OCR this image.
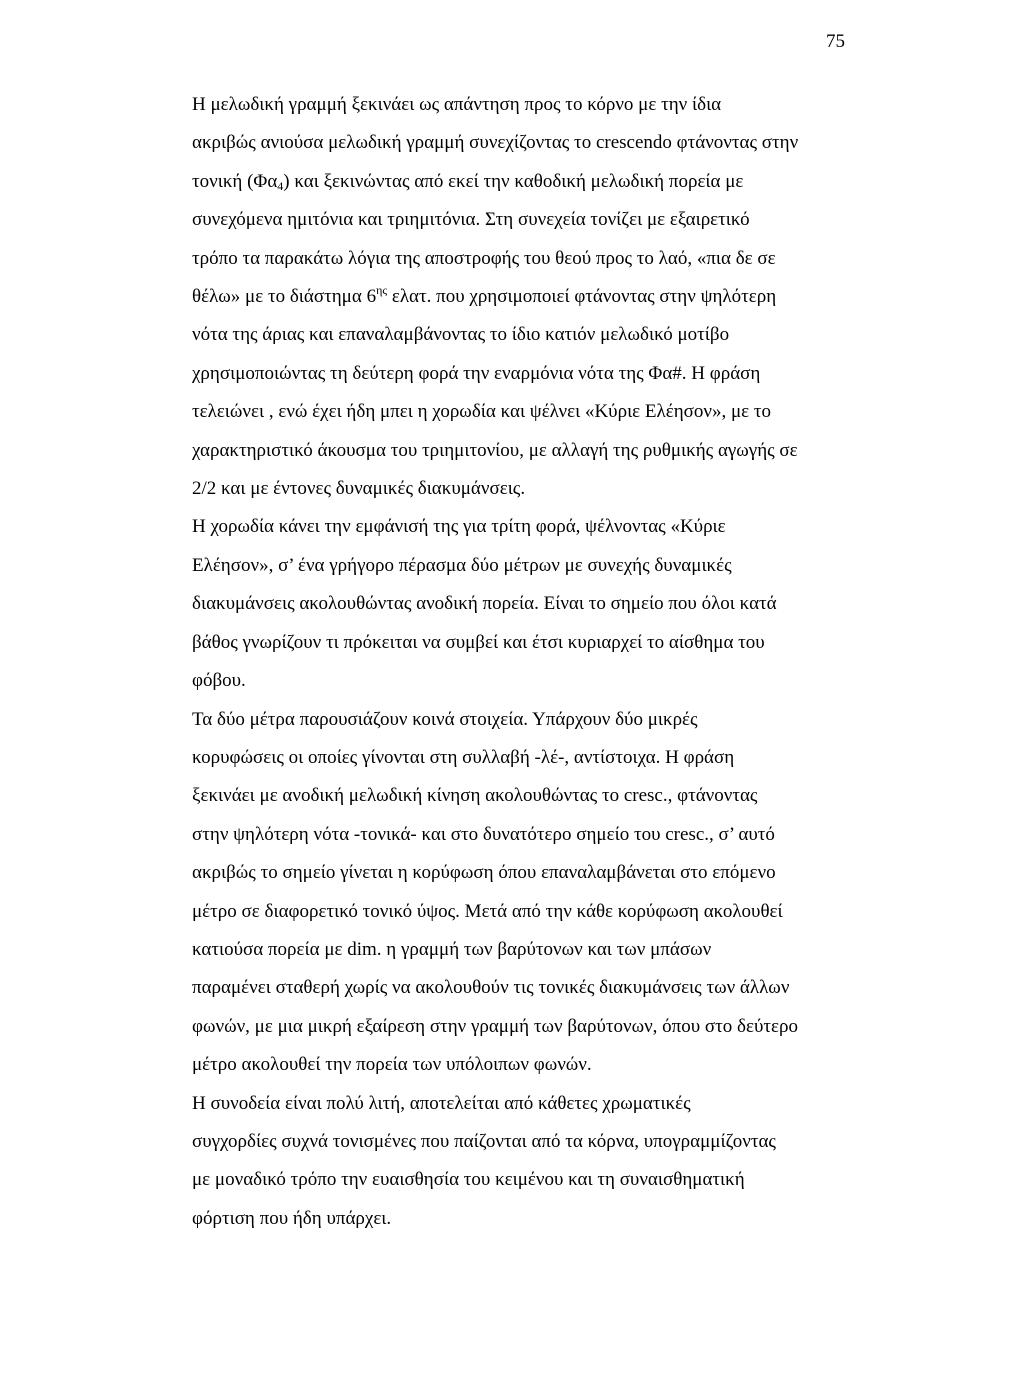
75

Η μελωδική γραμμή ξεκινάει ως απάντηση προς το κόρνο με την ίδια
ακριβώς ανιούσα μελωδική γραμμή συνεχίζοντας το crescendo φτάνοντας στην
τονική $(\Phi\alpha_4)$ και ξεκινώντας από εκεί την καθοδική μελωδική πορεία με
συνεχόμενα ημιτόνια και τριημιτόνια. Στη συνεχεία τονίζει με εξαιρετικό
τρόπο τα παρακάτω λόγια της αποστροφής του θεού προς το λαό, «πια δε σε
θέλω» με το διάστημα $6^{\eta\varsigma}$ ελατ. που χρησιμοποιεί φτάνοντας στην ψηλότερη
νότα της άριας και επαναλαμβάνοντας το ίδιο κατιόν μελωδικό μοτίβο
χρησιμοποιώντας τη δεύτερη φορά την εναρμόνια νότα της Φα#. Η φράση
τελειώνει , ενώ έχει ήδη μπει η χορωδία και ψέλνει «Κύριε Ελέησον», με το
χαρακτηριστικό άκουσμα του τριημιτονίου, με αλλαγή της ρυθμικής αγωγής σε
2/2 και με έντονες δυναμικές διακυμάνσεις.

Η χορωδία κάνει την εμφάνισή της για τρίτη φορά, ψέλνοντας «Κύριε
Ελέησον», σ’ ένα γρήγορο πέρασμα δύο μέτρων με συνεχής δυναμικές
διακυμάνσεις ακολουθώντας ανοδική πορεία. Είναι το σημείο που όλοι κατά
βάθος γνωρίζουν τι πρόκειται να συμβεί και έτσι κυριαρχεί το αίσθημα του
φόβου.

Τα δύο μέτρα παρουσιάζουν κοινά στοιχεία. Υπάρχουν δύο μικρές
κορυφώσεις οι οποίες γίνονται στη συλλαβή -λέ-, αντίστοιχα. Η φράση
ξεκινάει με ανοδική μελωδική κίνηση ακολουθώντας το cresc., φτάνοντας
στην ψηλότερη νότα -τονικά- και στο δυνατότερο σημείο του cresc., σ’ αυτό
ακριβώς το σημείο γίνεται η κορύφωση όπου επαναλαμβάνεται στο επόμενο
μέτρο σε διαφορετικό τονικό ύψος. Μετά από την κάθε κορύφωση ακολουθεί
κατιούσα πορεία με dim. η γραμμή των βαρύτονων και των μπάσων
παραμένει σταθερή χωρίς να ακολουθούν τις τονικές διακυμάνσεις των άλλων
φωνών, με μια μικρή εξαίρεση στην γραμμή των βαρύτονων, όπου στο δεύτερο
μέτρο ακολουθεί την πορεία των υπόλοιπων φωνών.

Η συνοδεία είναι πολύ λιτή, αποτελείται από κάθετες χρωματικές
συγχορδίες συχνά τονισμένες που παίζονται από τα κόρνα, υπογραμμίζοντας
με μοναδικό τρόπο την ευαισθησία του κειμένου και τη συναισθηματική
φόρτιση που ήδη υπάρχει.
